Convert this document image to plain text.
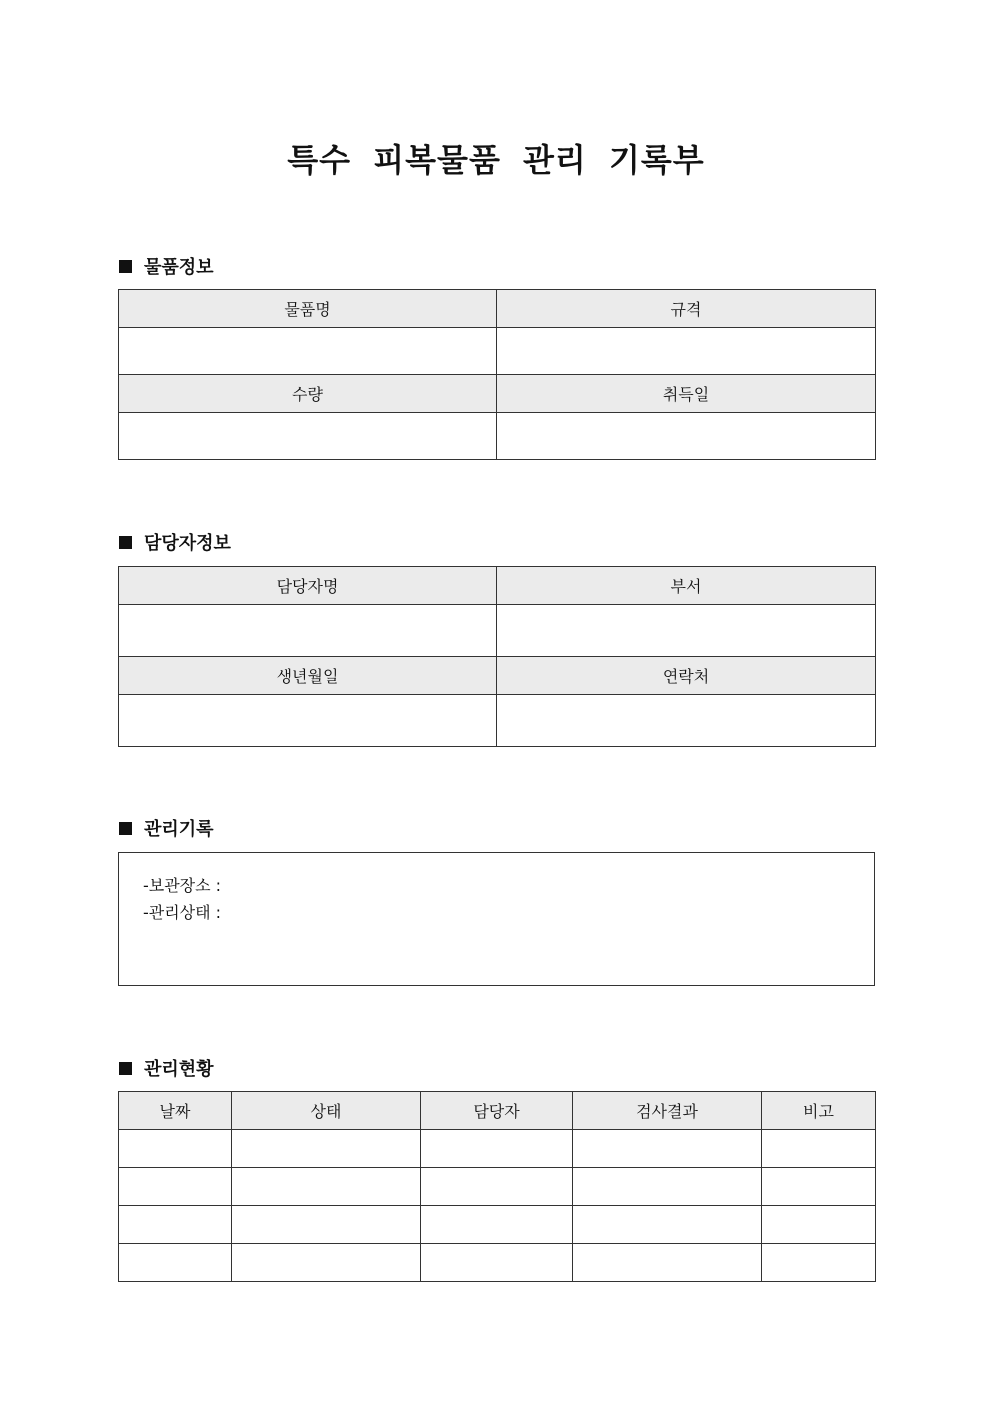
특수 피복물품 관리 기록부
물품정보
물품명	규격

수량	취득일

담당자정보
담당자명	부서

생년월일	연락처

관리기록
-보관장소 :
-관리상태 :
관리현황
날짜	상태	담당자	검사결과	비고
